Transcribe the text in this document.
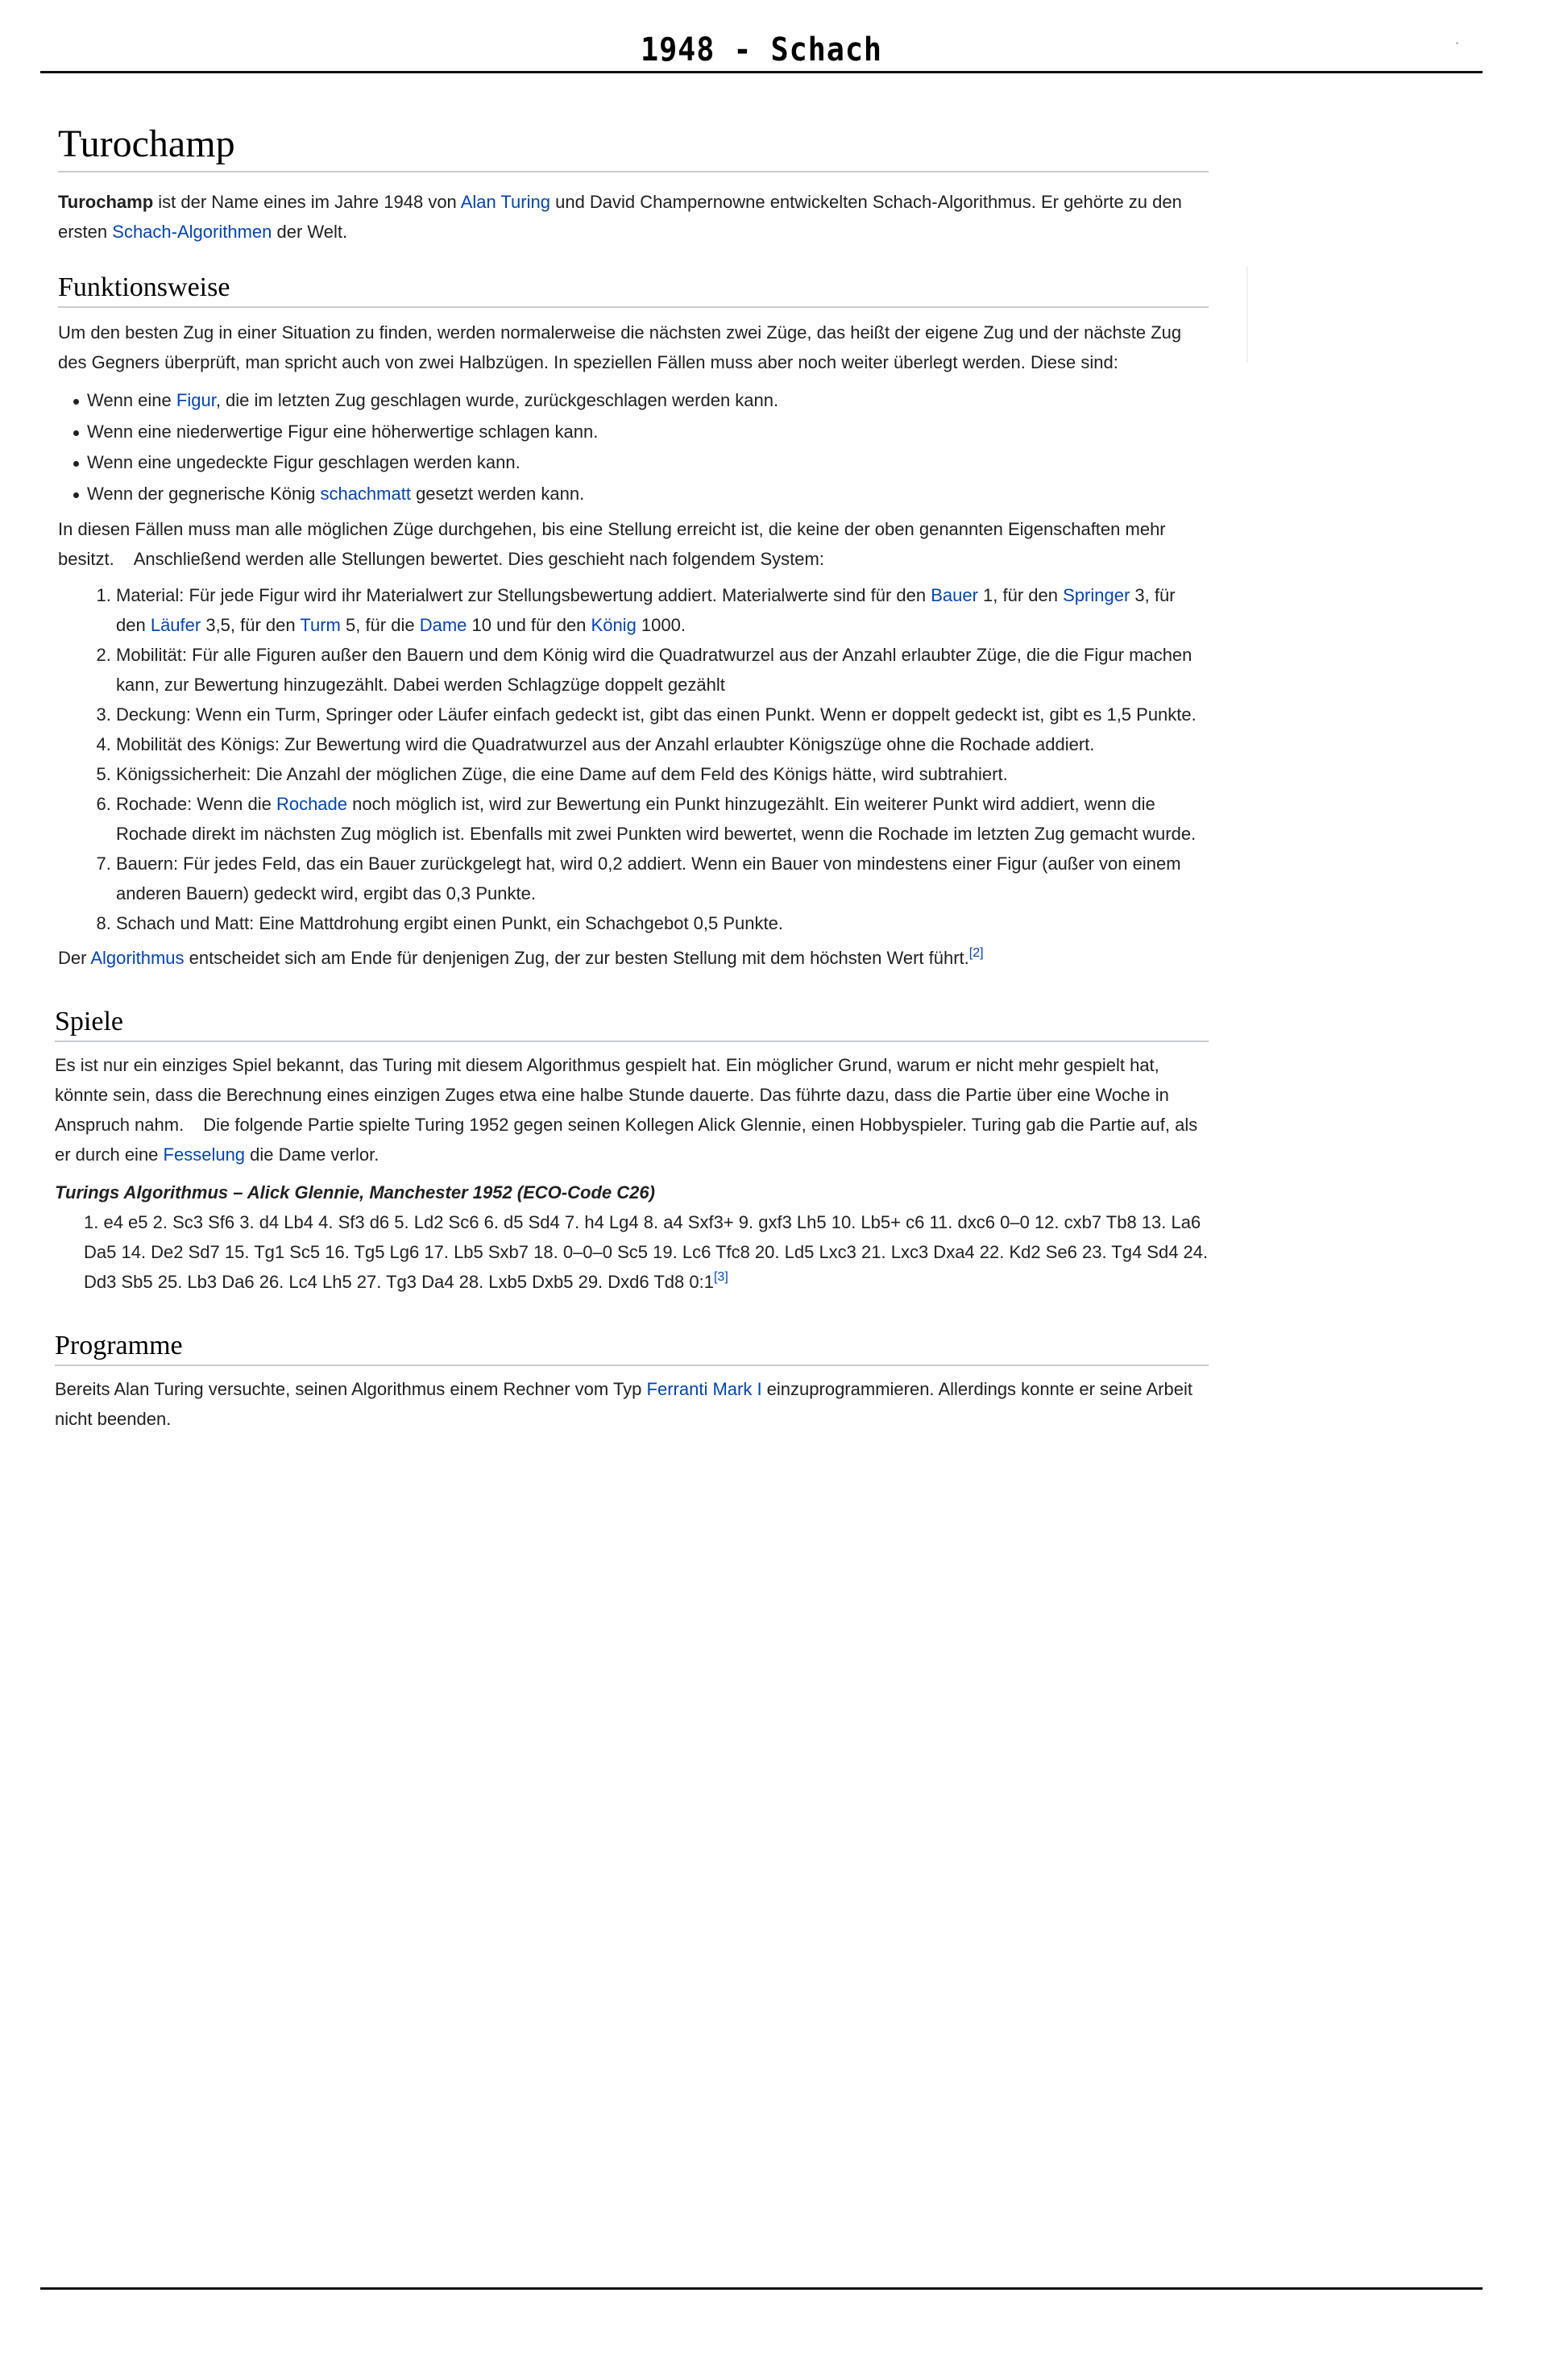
1948 - Schach
Turochamp

Turochamp ist der Name eines im Jahre 1948 von Alan Turing und David Champernowne entwickelten Schach-Algorithmus. Er gehörte zu den ersten Schach-Algorithmen der Welt.

Funktionsweise

Um den besten Zug in einer Situation zu finden, werden normalerweise die nächsten zwei Züge, das heißt der eigene Zug und der nächste Zug des Gegners überprüft, man spricht auch von zwei Halbzügen. In speziellen Fällen muss aber noch weiter überlegt werden. Diese sind:

Wenn eine Figur, die im letzten Zug geschlagen wurde, zurückgeschlagen werden kann.
Wenn eine niederwertige Figur eine höherwertige schlagen kann.
Wenn eine ungedeckte Figur geschlagen werden kann.
Wenn der gegnerische König schachmatt gesetzt werden kann.

In diesen Fällen muss man alle möglichen Züge durchgehen, bis eine Stellung erreicht ist, die keine der oben genannten Eigenschaften mehr besitzt. Anschließend werden alle Stellungen bewertet. Dies geschieht nach folgendem System:

1. Material: Für jede Figur wird ihr Materialwert zur Stellungsbewertung addiert. Materialwerte sind für den Bauer 1, für den Springer 3, für den Läufer 3,5, für den Turm 5, für die Dame 10 und für den König 1000.
2. Mobilität: Für alle Figuren außer den Bauern und dem König wird die Quadratwurzel aus der Anzahl erlaubter Züge, die die Figur machen kann, zur Bewertung hinzugezählt. Dabei werden Schlagzüge doppelt gezählt
3. Deckung: Wenn ein Turm, Springer oder Läufer einfach gedeckt ist, gibt das einen Punkt. Wenn er doppelt gedeckt ist, gibt es 1,5 Punkte.
4. Mobilität des Königs: Zur Bewertung wird die Quadratwurzel aus der Anzahl erlaubter Königszüge ohne die Rochade addiert.
5. Königssicherheit: Die Anzahl der möglichen Züge, die eine Dame auf dem Feld des Königs hätte, wird subtrahiert.
6. Rochade: Wenn die Rochade noch möglich ist, wird zur Bewertung ein Punkt hinzugezählt. Ein weiterer Punkt wird addiert, wenn die Rochade direkt im nächsten Zug möglich ist. Ebenfalls mit zwei Punkten wird bewertet, wenn die Rochade im letzten Zug gemacht wurde.
7. Bauern: Für jedes Feld, das ein Bauer zurückgelegt hat, wird 0,2 addiert. Wenn ein Bauer von mindestens einer Figur (außer von einem anderen Bauern) gedeckt wird, ergibt das 0,3 Punkte.
8. Schach und Matt: Eine Mattdrohung ergibt einen Punkt, ein Schachgebot 0,5 Punkte.

Der Algorithmus entscheidet sich am Ende für denjenigen Zug, der zur besten Stellung mit dem höchsten Wert führt.[2]

Spiele

Es ist nur ein einziges Spiel bekannt, das Turing mit diesem Algorithmus gespielt hat. Ein möglicher Grund, warum er nicht mehr gespielt hat, könnte sein, dass die Berechnung eines einzigen Zuges etwa eine halbe Stunde dauerte. Das führte dazu, dass die Partie über eine Woche in Anspruch nahm. Die folgende Partie spielte Turing 1952 gegen seinen Kollegen Alick Glennie, einen Hobbyspieler. Turing gab die Partie auf, als er durch eine Fesselung die Dame verlor.

Turings Algorithmus – Alick Glennie, Manchester 1952 (ECO-Code C26)

1. e4 e5 2. Sc3 Sf6 3. d4 Lb4 4. Sf3 d6 5. Ld2 Sc6 6. d5 Sd4 7. h4 Lg4 8. a4 Sxf3+ 9. gxf3 Lh5 10. Lb5+ c6 11. dxc6 0–0 12. cxb7 Tb8 13. La6 Da5 14. De2 Sd7 15. Tg1 Sc5 16. Tg5 Lg6 17. Lb5 Sxb7 18. 0–0–0 Sc5 19. Lc6 Tfc8 20. Ld5 Lxc3 21. Lxc3 Dxa4 22. Kd2 Se6 23. Tg4 Sd4 24. Dd3 Sb5 25. Lb3 Da6 26. Lc4 Lh5 27. Tg3 Da4 28. Lxb5 Dxb5 29. Dxd6 Td8 0:1[3]

Programme

Bereits Alan Turing versuchte, seinen Algorithmus einem Rechner vom Typ Ferranti Mark I einzuprogrammieren. Allerdings konnte er seine Arbeit nicht beenden.
